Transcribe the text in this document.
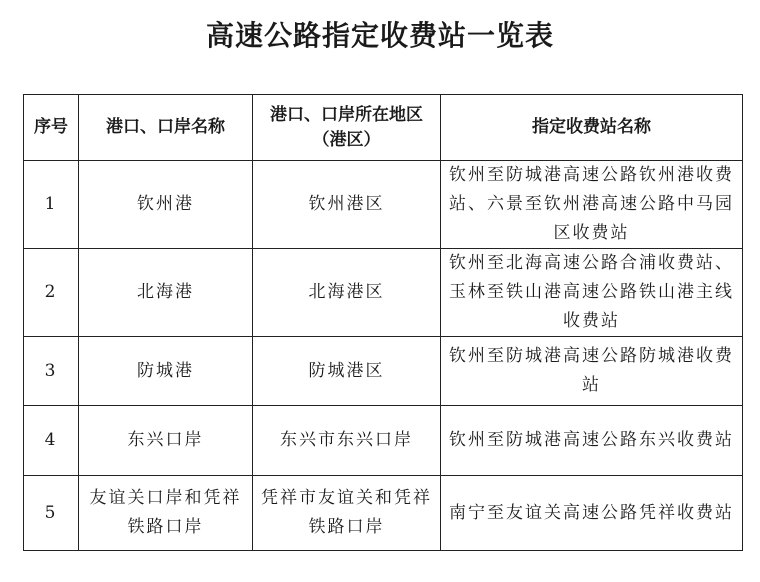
高速公路指定收费站一览表
序号	港口、口岸名称	港口、口岸所在地区（港区）	指定收费站名称
1	钦州港	钦州港区	钦州至防城港高速公路钦州港收费站、六景至钦州港高速公路中马园区收费站
2	北海港	北海港区	钦州至北海高速公路合浦收费站、玉林至铁山港高速公路铁山港主线收费站
3	防城港	防城港区	钦州至防城港高速公路防城港收费站
4	东兴口岸	东兴市东兴口岸	钦州至防城港高速公路东兴收费站
5	友谊关口岸和凭祥铁路口岸	凭祥市友谊关和凭祥铁路口岸	南宁至友谊关高速公路凭祥收费站
